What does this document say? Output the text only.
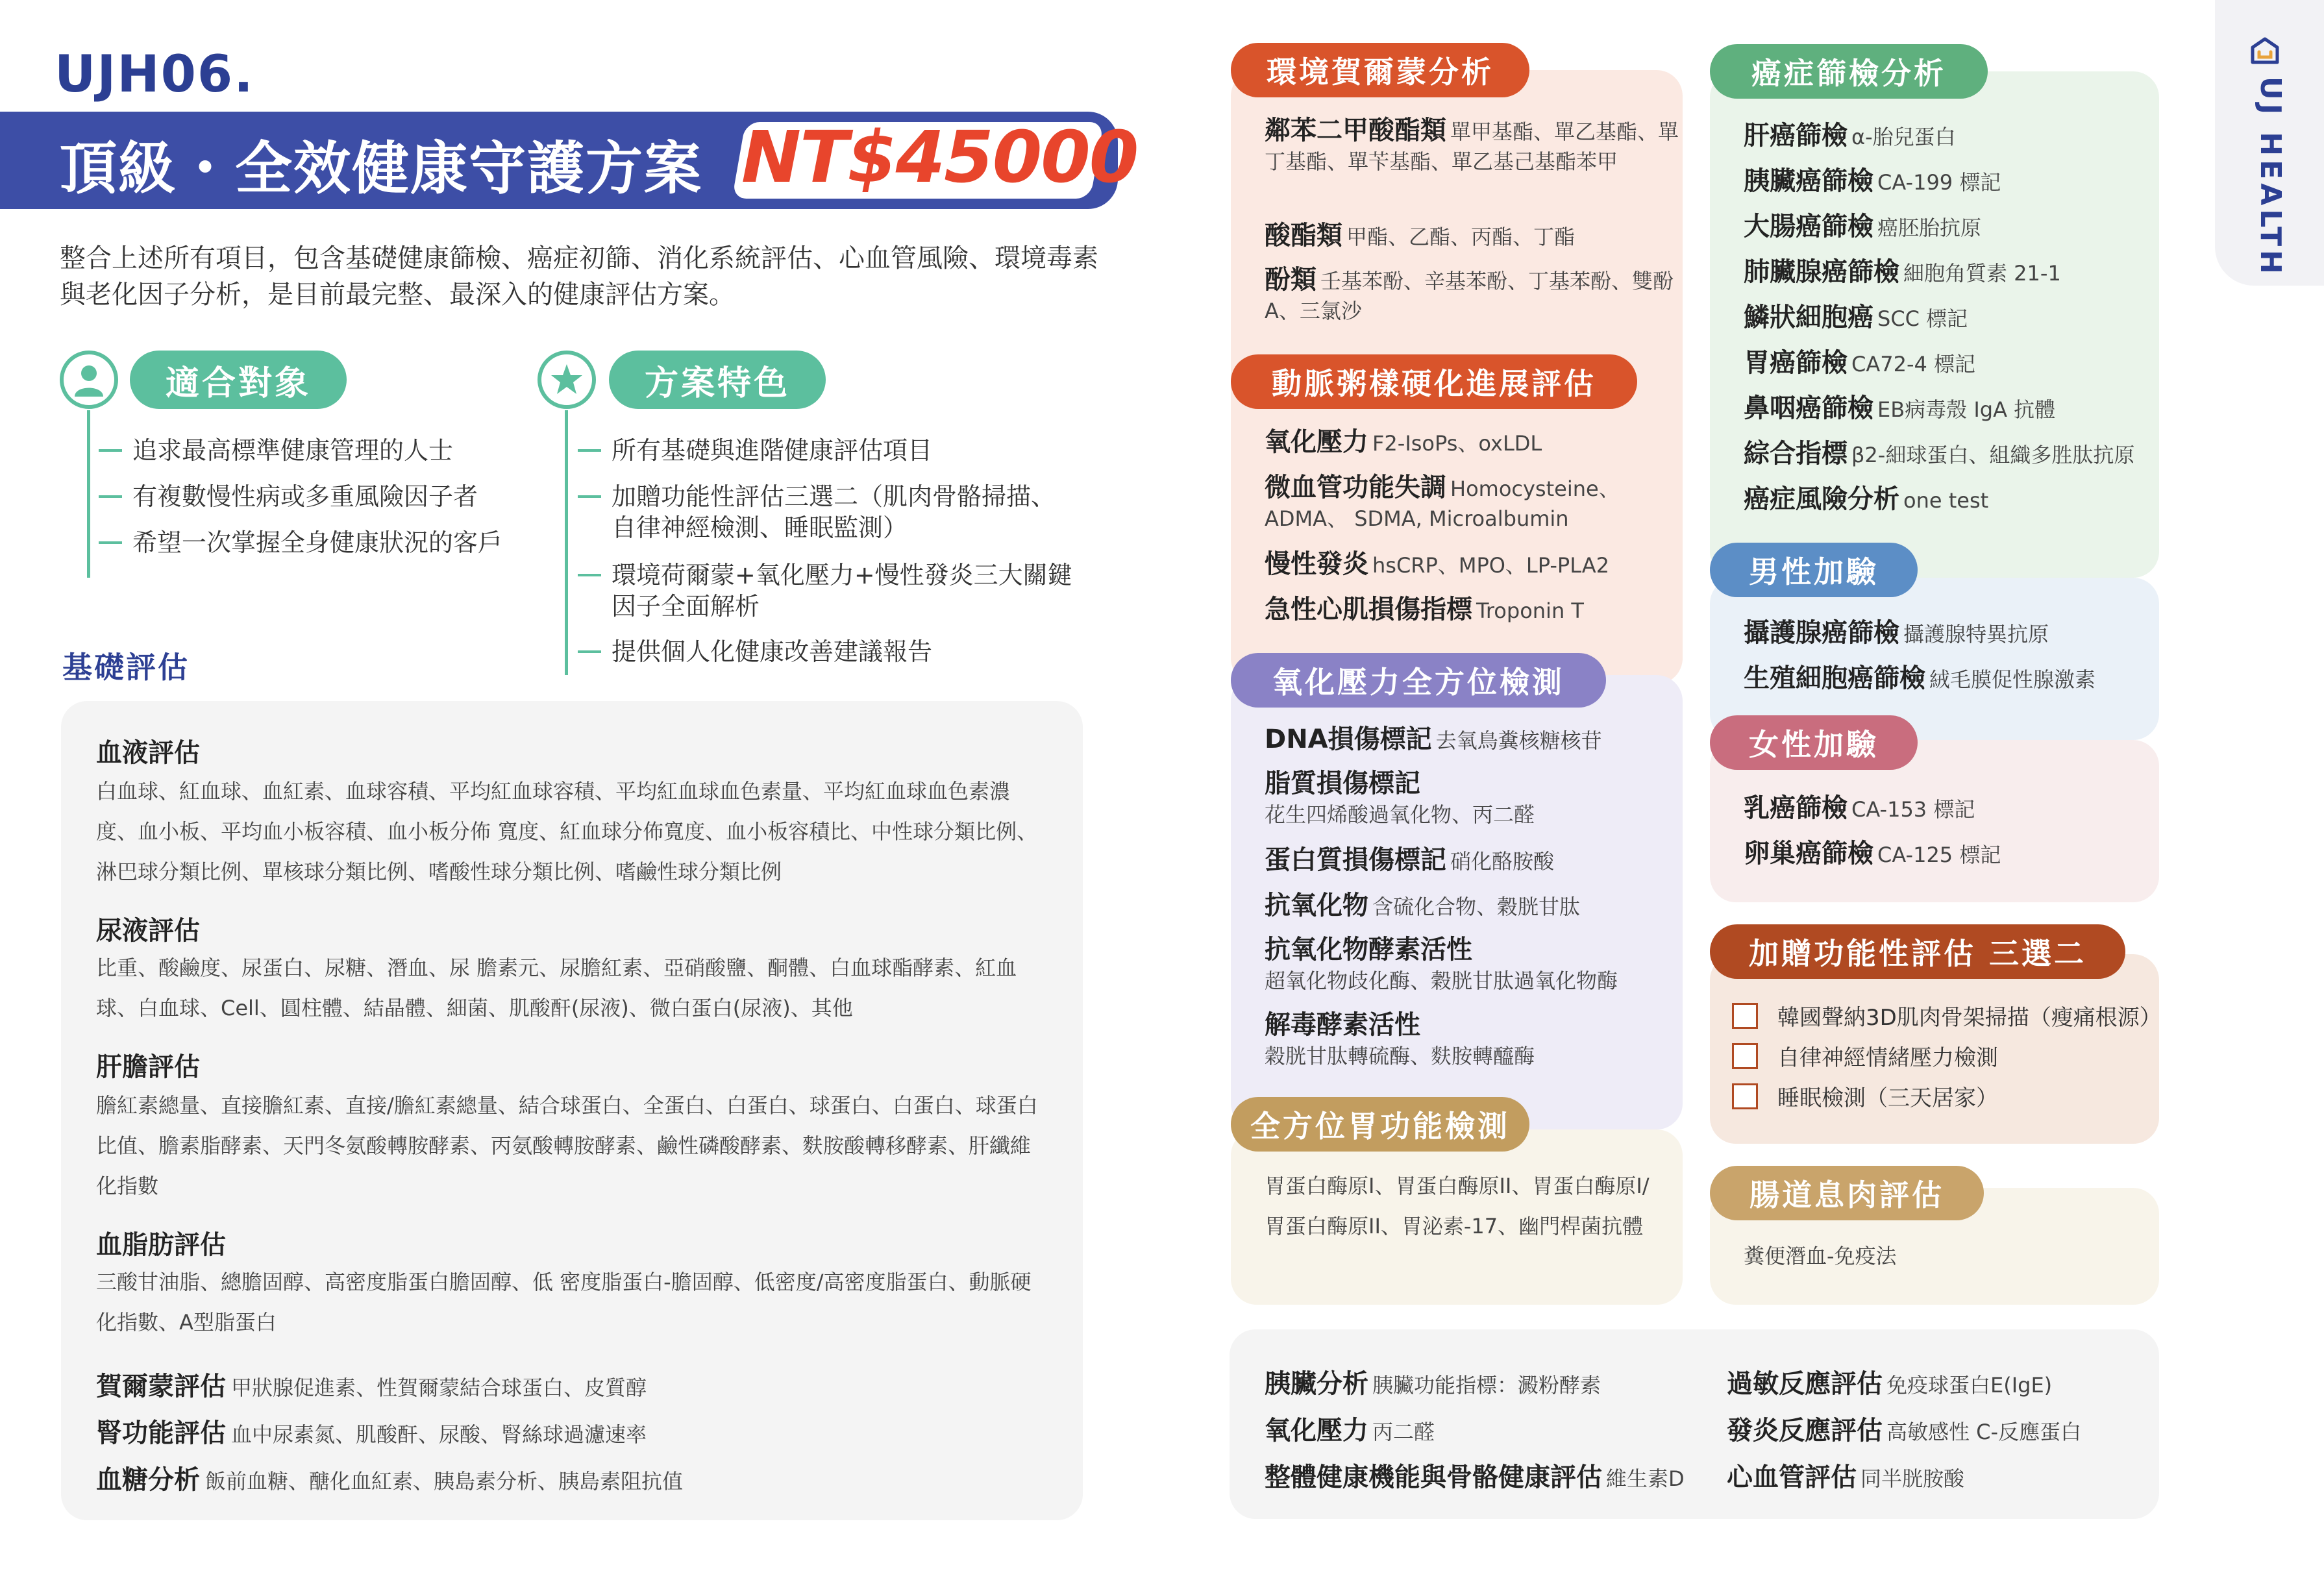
UJH06.
頂級・全效健康守護方案 NT$45000
整合上述所有項目，包含基礎健康篩檢、癌症初篩、消化系統評估、心血管風險、環境毒素與老化因子分析，是目前最完整、最深入的健康評估方案。
適合對象
追求最高標準健康管理的人士
有複數慢性病或多重風險因子者
希望一次掌握全身健康狀況的客戶
方案特色
所有基礎與進階健康評估項目
加贈功能性評估三選二（肌肉骨骼掃描、自律神經檢測、睡眠監測）
環境荷爾蒙+氧化壓力+慢性發炎三大關鍵因子全面解析
提供個人化健康改善建議報告
基礎評估
血液評估
白血球、紅血球、血紅素、血球容積、平均紅血球容積、平均紅血球血色素量、平均紅血球血色素濃度、血小板、平均血小板容積、血小板分佈 寬度、紅血球分佈寬度、血小板容積比、中性球分類比例、淋巴球分類比例、單核球分類比例、嗜酸性球分類比例、嗜鹼性球分類比例
尿液評估
比重、酸鹼度、尿蛋白、尿糖、潛血、尿 膽素元、尿膽紅素、亞硝酸鹽、酮體、白血球酯酵素、紅血球、白血球、Cell、圓柱體、結晶體、細菌、肌酸酐(尿液)、微白蛋白(尿液)、其他
肝膽評估
膽紅素總量、直接膽紅素、直接/膽紅素總量、結合球蛋白、全蛋白、白蛋白、球蛋白、白蛋白、球蛋白比值、膽素脂酵素、天門冬氨酸轉胺酵素、丙氨酸轉胺酵素、鹼性磷酸酵素、麩胺酸轉移酵素、肝纖維化指數
血脂肪評估
三酸甘油脂、總膽固醇、高密度脂蛋白膽固醇、低 密度脂蛋白-膽固醇、低密度/高密度脂蛋白、動脈硬化指數、A型脂蛋白
賀爾蒙評估 甲狀腺促進素、性賀爾蒙結合球蛋白、皮質醇
腎功能評估 血中尿素氮、肌酸酐、尿酸、腎絲球過濾速率
血糖分析 飯前血糖、醣化血紅素、胰島素分析、胰島素阻抗值
環境賀爾蒙分析
鄰苯二甲酸酯類 單甲基酯、單乙基酯、單丁基酯、單苄基酯、單乙基己基酯苯甲
酸酯類 甲酯、乙酯、丙酯、丁酯
酚類 壬基苯酚、辛基苯酚、丁基苯酚、雙酚A、三氯沙
動脈粥樣硬化進展評估
氧化壓力 F2-IsoPs、oxLDL
微血管功能失調 Homocysteine、ADMA、 SDMA, Microalbumin
慢性發炎 hsCRP、MPO、LP-PLA2
急性心肌損傷指標 Troponin T
氧化壓力全方位檢測
DNA損傷標記 去氧鳥糞核糖核苷
脂質損傷標記
花生四烯酸過氧化物、丙二醛
蛋白質損傷標記 硝化酪胺酸
抗氧化物 含硫化合物、穀胱甘肽
抗氧化物酵素活性
超氧化物歧化酶、穀胱甘肽過氧化物酶
解毒酵素活性
穀胱甘肽轉硫酶、麩胺轉醯酶
全方位胃功能檢測
胃蛋白酶原I、胃蛋白酶原II、胃蛋白酶原I/胃蛋白酶原II、胃泌素-17、幽門桿菌抗體
癌症篩檢分析
肝癌篩檢 α-胎兒蛋白
胰臟癌篩檢 CA-199 標記
大腸癌篩檢 癌胚胎抗原
肺臟腺癌篩檢 細胞角質素 21-1
鱗狀細胞癌 SCC 標記
胃癌篩檢 CA72-4 標記
鼻咽癌篩檢 EB病毒殼 IgA 抗體
綜合指標 β2-細球蛋白、組織多胜肽抗原
癌症風險分析 one test
男性加驗
攝護腺癌篩檢 攝護腺特異抗原
生殖細胞癌篩檢 絨毛膜促性腺激素
女性加驗
乳癌篩檢 CA-153 標記
卵巢癌篩檢 CA-125 標記
加贈功能性評估 三選二
韓國聲納3D肌肉骨架掃描（瘦痛根源）
自律神經情緒壓力檢測
睡眠檢測（三天居家）
腸道息肉評估
糞便潛血-免疫法
胰臟分析 胰臟功能指標：澱粉酵素
氧化壓力 丙二醛
整體健康機能與骨骼健康評估 維生素D
過敏反應評估 免疫球蛋白E(IgE)
發炎反應評估 高敏感性 C-反應蛋白
心血管評估 同半胱胺酸
UJ HEALTH
